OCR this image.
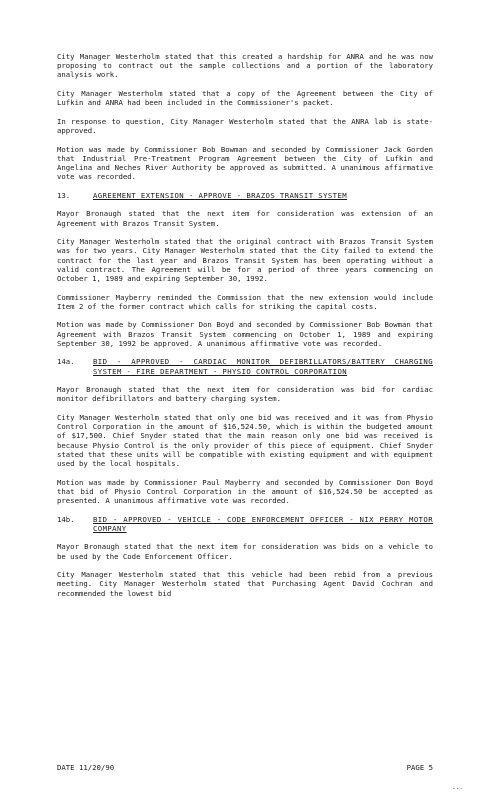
City Manager Westerholm stated that this created a hardship for ANRA and he was now proposing to contract out the sample collections and a portion of the laboratory analysis work.

City Manager Westerholm stated that a copy of the Agreement between the City of Lufkin and ANRA had been included in the Commissioner's packet.

In response to question, City Manager Westerholm stated that the ANRA lab is state-approved.

Motion was made by Commissioner Bob Bowman and seconded by Commissioner Jack Gorden that Industrial Pre-Treatment Program Agreement between the City of Lufkin and Angelina and Neches River Authority be approved as submitted. A unanimous affirmative vote was recorded.

13.	AGREEMENT EXTENSION - APPROVE - BRAZOS TRANSIT SYSTEM

Mayor Bronaugh stated that the next item for consideration was extension of an Agreement with Brazos Transit System.

City Manager Westerholm stated that the original contract with Brazos Transit System was for two years. City Manager Westerholm stated that the City failed to extend the contract for the last year and Brazos Transit System has been operating without a valid contract. The Agreement will be for a period of three years commencing on October 1, 1989 and expiring September 30, 1992.

Commissioner Mayberry reminded the Commission that the new extension would include Item 2 of the former contract which calls for striking the capital costs.

Motion was made by Commissioner Don Boyd and seconded by Commissioner Bob Bowman that Agreement with Brazos Transit System commencing on October 1, 1989 and expiring September 30, 1992 be approved. A unanimous affirmative vote was recorded.

14a.	BID - APPROVED - CARDIAC MONITOR DEFIBRILLATORS/BATTERY CHARGING SYSTEM - FIRE DEPARTMENT - PHYSIO CONTROL CORPORATION

Mayor Bronaugh stated that the next item for consideration was bid for cardiac monitor defibrillators and battery charging system.

City Manager Westerholm stated that only one bid was received and it was from Physio Control Corporation in the amount of $16,524.50, which is within the budgeted amount of $17,500. Chief Snyder stated that the main reason only one bid was received is because Physio Control is the only provider of this piece of equipment. Chief Snyder stated that these units will be compatible with existing equipment and with equipment used by the local hospitals.

Motion was made by Commissioner Paul Mayberry and seconded by Commissioner Don Boyd that bid of Physio Control Corporation in the amount of $16,524.50 be accepted as presented. A unanimous affirmative vote was recorded.

14b.	BID - APPROVED - VEHICLE - CODE ENFORCEMENT OFFICER - NIX PERRY MOTOR COMPANY

Mayor Bronaugh stated that the next item for consideration was bids on a vehicle to be used by the Code Enforcement Officer.

City Manager Westerholm stated that this vehicle had been rebid from a previous meeting. City Manager Westerholm stated that Purchasing Agent David Cochran and recommended the lowest bid

DATE 11/20/90	PAGE 5
...
